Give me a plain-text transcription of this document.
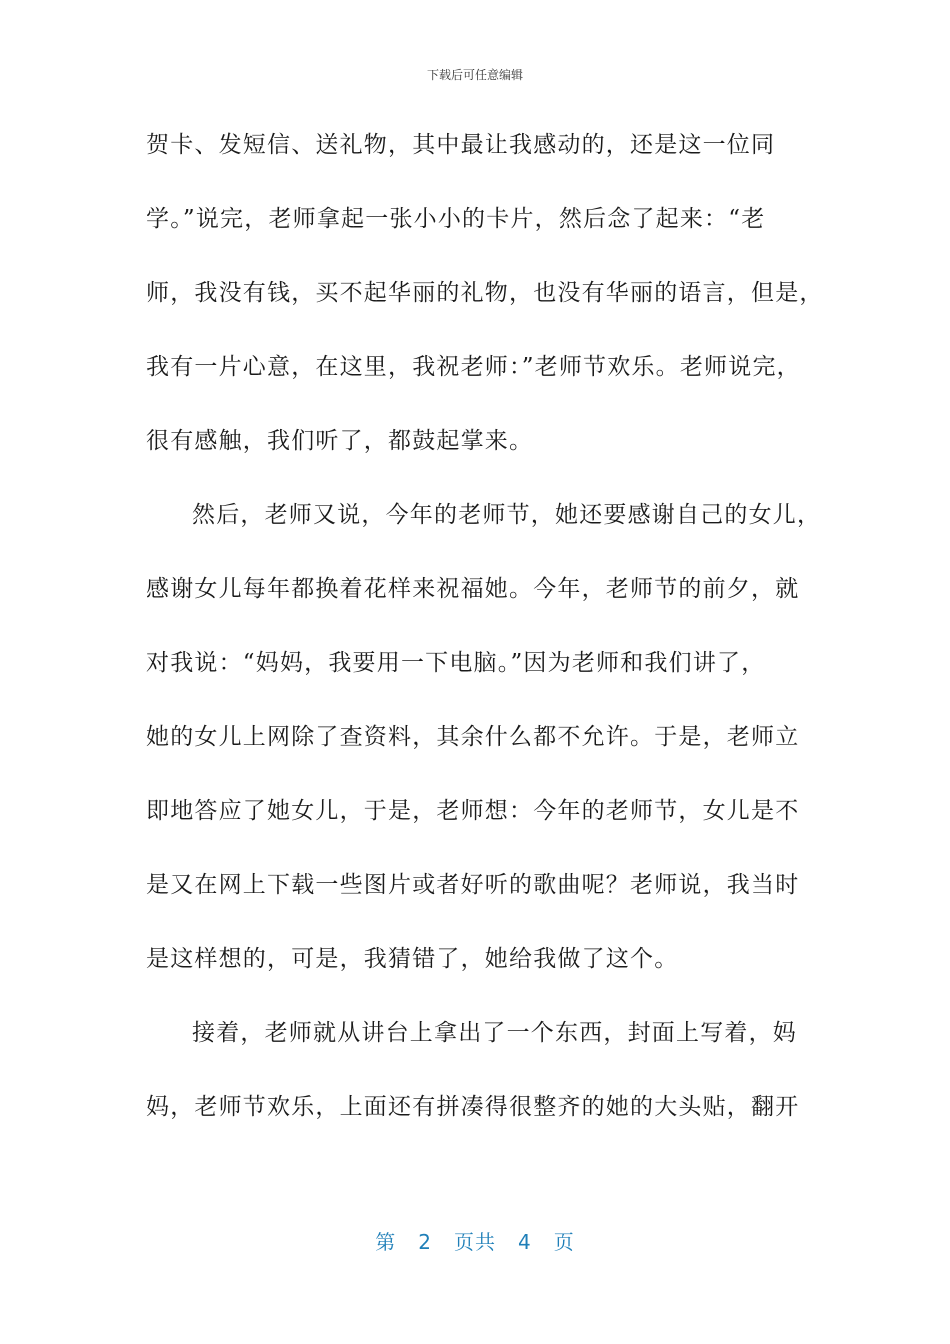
下载后可任意编辑
贺卡、发短信、送礼物，其中最让我感动的，还是这一位同
学。”说完，老师拿起一张小小的卡片，然后念了起来：“老
师，我没有钱，买不起华丽的礼物，也没有华丽的语言，但是，
我有一片心意，在这里，我祝老师：”老师节欢乐。老师说完，
很有感触，我们听了，都鼓起掌来。
然后，老师又说，今年的老师节，她还要感谢自己的女儿，
感谢女儿每年都换着花样来祝福她。今年，老师节的前夕，就
对我说：“妈妈，我要用一下电脑。”因为老师和我们讲了，
她的女儿上网除了查资料，其余什么都不允许。于是，老师立
即地答应了她女儿，于是，老师想：今年的老师节，女儿是不
是又在网上下载一些图片或者好听的歌曲呢？老师说，我当时
是这样想的，可是，我猜错了，她给我做了这个。
接着，老师就从讲台上拿出了一个东西，封面上写着，妈
妈，老师节欢乐，上面还有拼凑得很整齐的她的大头贴，翻开
第 2 页共 4 页
